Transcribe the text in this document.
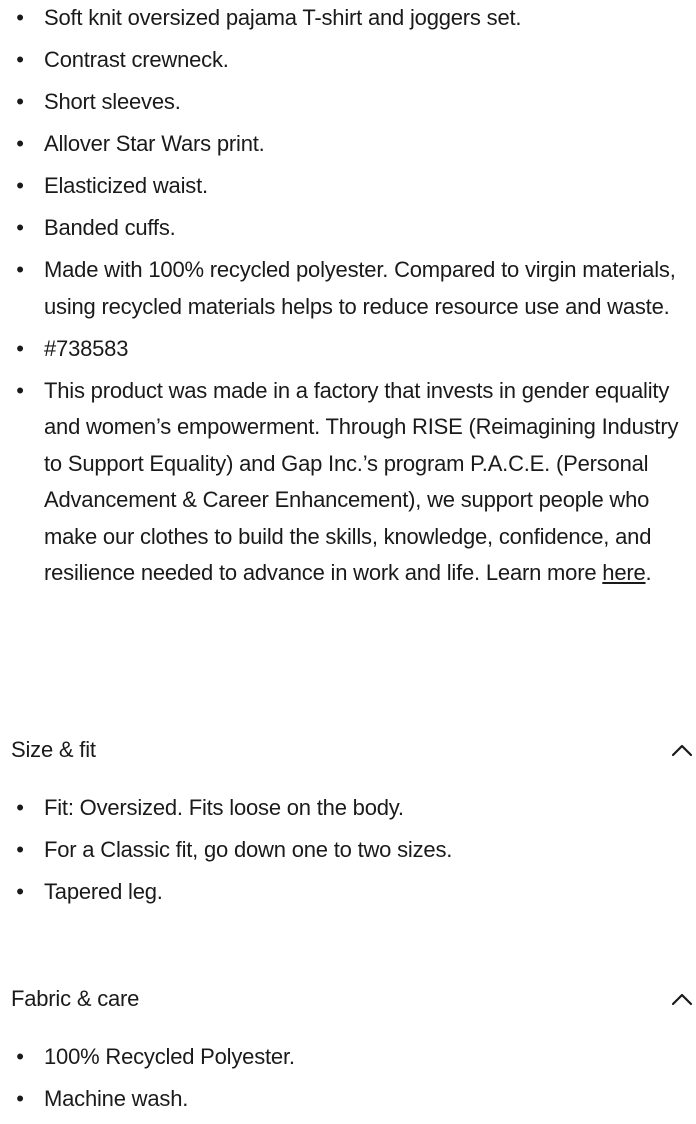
• Soft knit oversized pajama T-shirt and joggers set.
• Contrast crewneck.
• Short sleeves.
• Allover Star Wars print.
• Elasticized waist.
• Banded cuffs.
• Made with 100% recycled polyester. Compared to virgin materials, using recycled materials helps to reduce resource use and waste.
• #738583
• This product was made in a factory that invests in gender equality and women’s empowerment. Through RISE (Reimagining Industry to Support Equality) and Gap Inc.’s program P.A.C.E. (Personal Advancement & Career Enhancement), we support people who make our clothes to build the skills, knowledge, confidence, and resilience needed to advance in work and life. Learn more here.
Size & fit
• Fit: Oversized. Fits loose on the body.
• For a Classic fit, go down one to two sizes.
• Tapered leg.
Fabric & care
• 100% Recycled Polyester.
• Machine wash.
